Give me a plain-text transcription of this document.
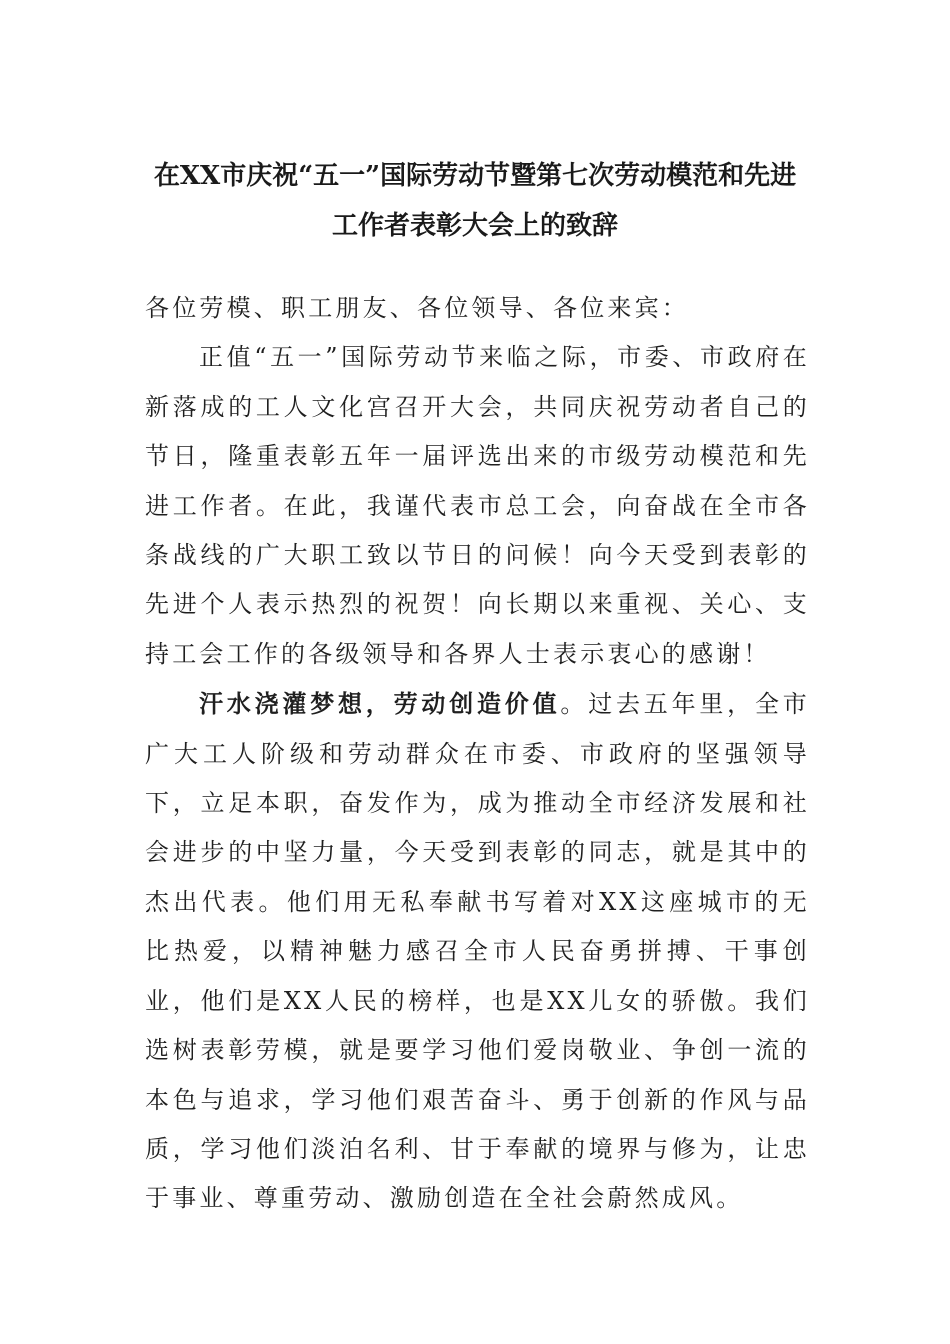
在XX市庆祝“五一”国际劳动节暨第七次劳动模范和先进
工作者表彰大会上的致辞

各位劳模、职工朋友、各位领导、各位来宾：

正值“五一”国际劳动节来临之际，市委、市政府在新落成的工人文化宫召开大会，共同庆祝劳动者自己的节日，隆重表彰五年一届评选出来的市级劳动模范和先进工作者。在此，我谨代表市总工会，向奋战在全市各条战线的广大职工致以节日的问候！向今天受到表彰的先进个人表示热烈的祝贺！向长期以来重视、关心、支持工会工作的各级领导和各界人士表示衷心的感谢！

汗水浇灌梦想，劳动创造价值。过去五年里，全市广大工人阶级和劳动群众在市委、市政府的坚强领导下，立足本职，奋发作为，成为推动全市经济发展和社会进步的中坚力量，今天受到表彰的同志，就是其中的杰出代表。他们用无私奉献书写着对XX这座城市的无比热爱，以精神魅力感召全市人民奋勇拼搏、干事创业，他们是XX人民的榜样，也是XX儿女的骄傲。我们选树表彰劳模，就是要学习他们爱岗敬业、争创一流的本色与追求，学习他们艰苦奋斗、勇于创新的作风与品质，学习他们淡泊名利、甘于奉献的境界与修为，让忠于事业、尊重劳动、激励创造在全社会蔚然成风。
